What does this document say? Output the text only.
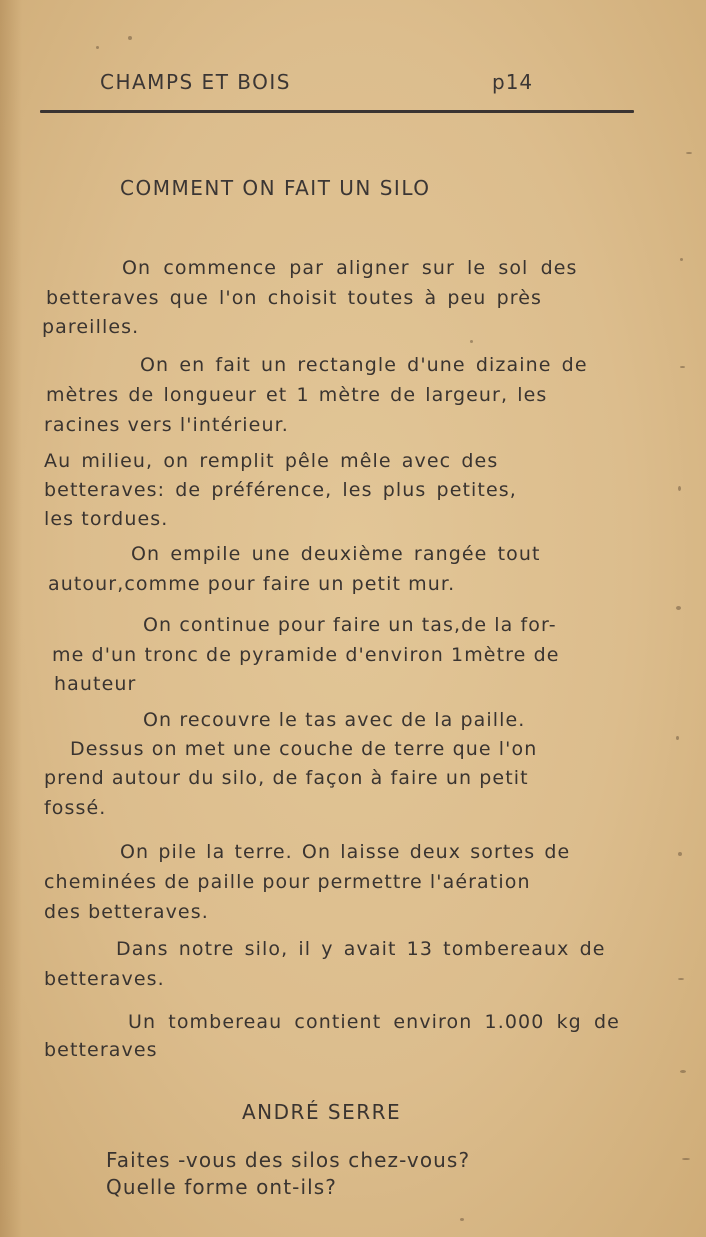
CHAMPS ET BOIS	p14
COMMENT ON FAIT UN SILO
On commence par aligner sur le sol des
betteraves que l'on choisit toutes à peu près
pareilles.
On en fait un rectangle d'une dizaine de
mètres de longueur et 1 mètre de largeur, les
racines vers l'intérieur.
Au milieu, on remplit pêle mêle avec des
betteraves: de préférence, les plus petites,
les tordues.
On empile une deuxième rangée tout
autour,comme pour faire un petit mur.
On continue pour faire un tas,de la for-
me d'un tronc de pyramide d'environ 1mètre de
hauteur
On recouvre le tas avec de la paille.
Dessus on met une couche de terre que l'on
prend autour du silo, de façon à faire un petit
fossé.
On pile la terre. On laisse deux sortes de
cheminées de paille pour permettre l'aération
des betteraves.
Dans notre silo, il y avait 13 tombereaux de
betteraves.
Un tombereau contient environ 1.000 kg de
betteraves
ANDRÉ SERRE
Faites -vous des silos chez-vous?
Quelle forme ont-ils?
